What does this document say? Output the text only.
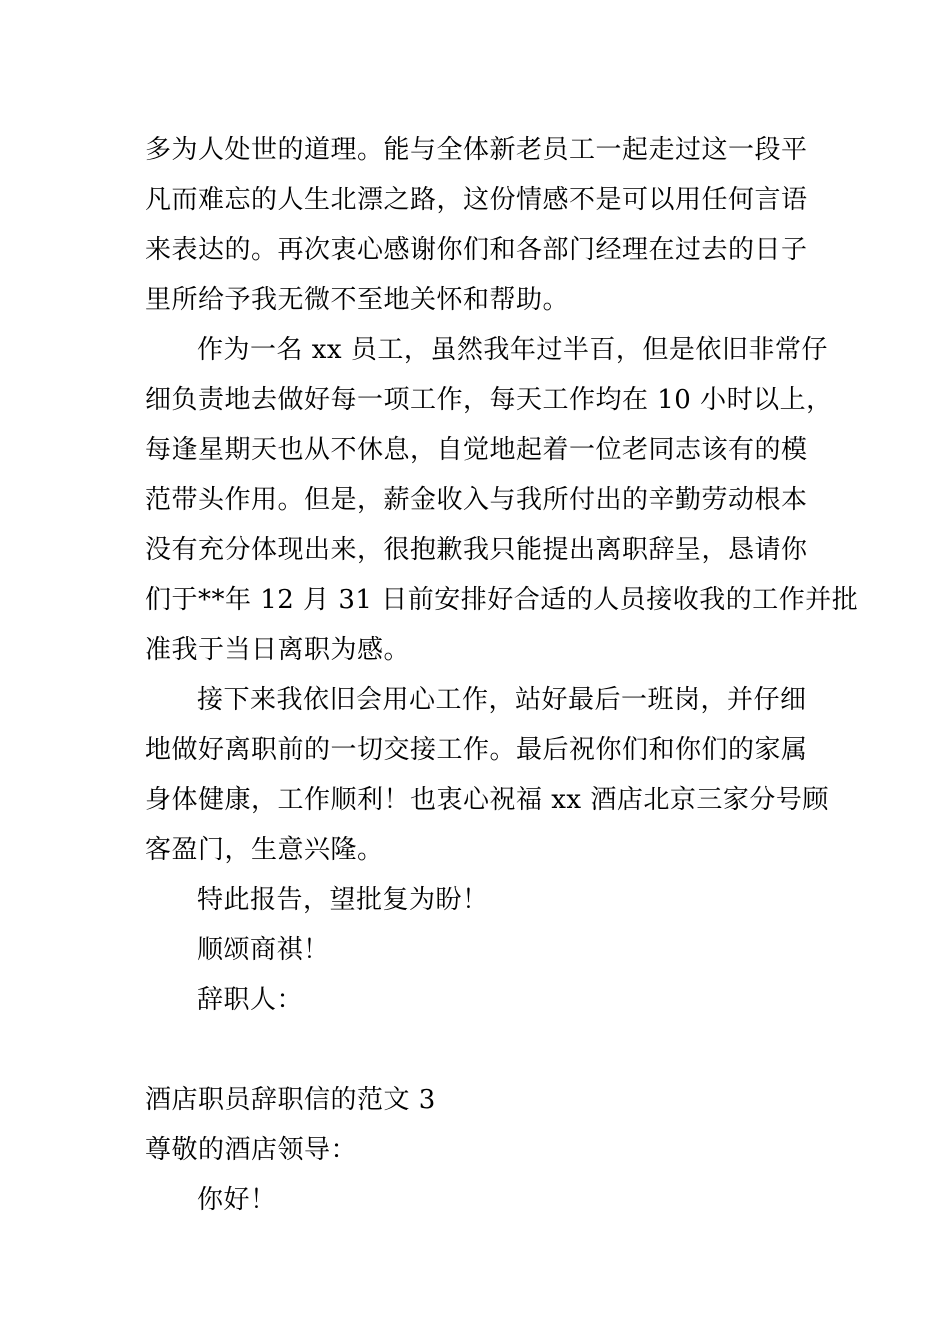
多为人处世的道理。能与全体新老员工一起走过这一段平
凡而难忘的人生北漂之路，这份情感不是可以用任何言语
来表达的。再次衷心感谢你们和各部门经理在过去的日子
里所给予我无微不至地关怀和帮助。
作为一名 xx 员工，虽然我年过半百，但是依旧非常仔
细负责地去做好每一项工作，每天工作均在 10 小时以上，
每逢星期天也从不休息，自觉地起着一位老同志该有的模
范带头作用。但是，薪金收入与我所付出的辛勤劳动根本
没有充分体现出来，很抱歉我只能提出离职辞呈，恳请你
们于**年 12 月 31 日前安排好合适的人员接收我的工作并批
准我于当日离职为感。
接下来我依旧会用心工作，站好最后一班岗，并仔细
地做好离职前的一切交接工作。最后祝你们和你们的家属
身体健康，工作顺利！也衷心祝福 xx 酒店北京三家分号顾
客盈门，生意兴隆。
特此报告，望批复为盼！
顺颂商祺！
辞职人：
酒店职员辞职信的范文 3
尊敬的酒店领导：
你好！
